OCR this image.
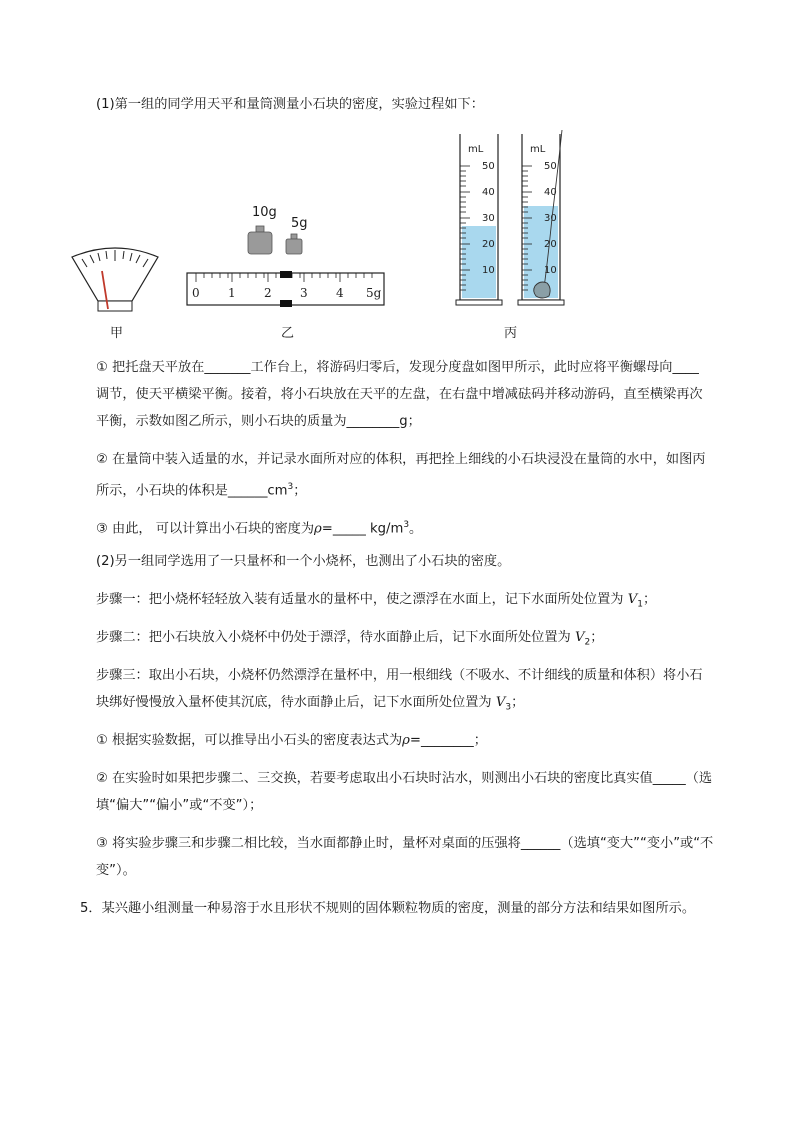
(1)第一组的同学用天平和量筒测量小石块的密度，实验过程如下：
甲
10g
5g
0 1 2 3 4 5g
乙
mL
50
40
30
20
10
mL
50
40
30
20
10
丙
① 把托盘天平放在_______工作台上，将游码归零后，发现分度盘如图甲所示，此时应将平衡螺母向____
调节，使天平横梁平衡。接着，将小石块放在天平的左盘，在右盘中增减砝码并移动游码，直至横梁再次
平衡，示数如图乙所示，则小石块的质量为________g；
② 在量筒中装入适量的水，并记录水面所对应的体积，再把拴上细线的小石块浸没在量筒的水中，如图丙
所示，小石块的体积是$\_\_\_\_\_\_cm^3$；
③ 由此， 可以计算出小石块的密度为ρ=_____ $kg/m^3$。
(2)另一组同学选用了一只量杯和一个小烧杯，也测出了小石块的密度。
步骤一：把小烧杯轻轻放入装有适量水的量杯中，使之漂浮在水面上，记下水面所处位置为 $V_1$；
步骤二：把小石块放入小烧杯中仍处于漂浮，待水面静止后，记下水面所处位置为 $V_2$；
步骤三：取出小石块，小烧杯仍然漂浮在量杯中，用一根细线（不吸水、不计细线的质量和体积）将小石
块绑好慢慢放入量杯使其沉底，待水面静止后，记下水面所处位置为 $V_3$；
① 根据实验数据，可以推导出小石头的密度表达式为ρ=________；
② 在实验时如果把步骤二、三交换，若要考虑取出小石块时沾水，则测出小石块的密度比真实值_____（选
填“偏大”“偏小”或“不变”）；
③ 将实验步骤三和步骤二相比较，当水面都静止时，量杯对桌面的压强将______（选填“变大”“变小”或“不
变”）。
5．某兴趣小组测量一种易溶于水且形状不规则的固体颗粒物质的密度，测量的部分方法和结果如图所示。
